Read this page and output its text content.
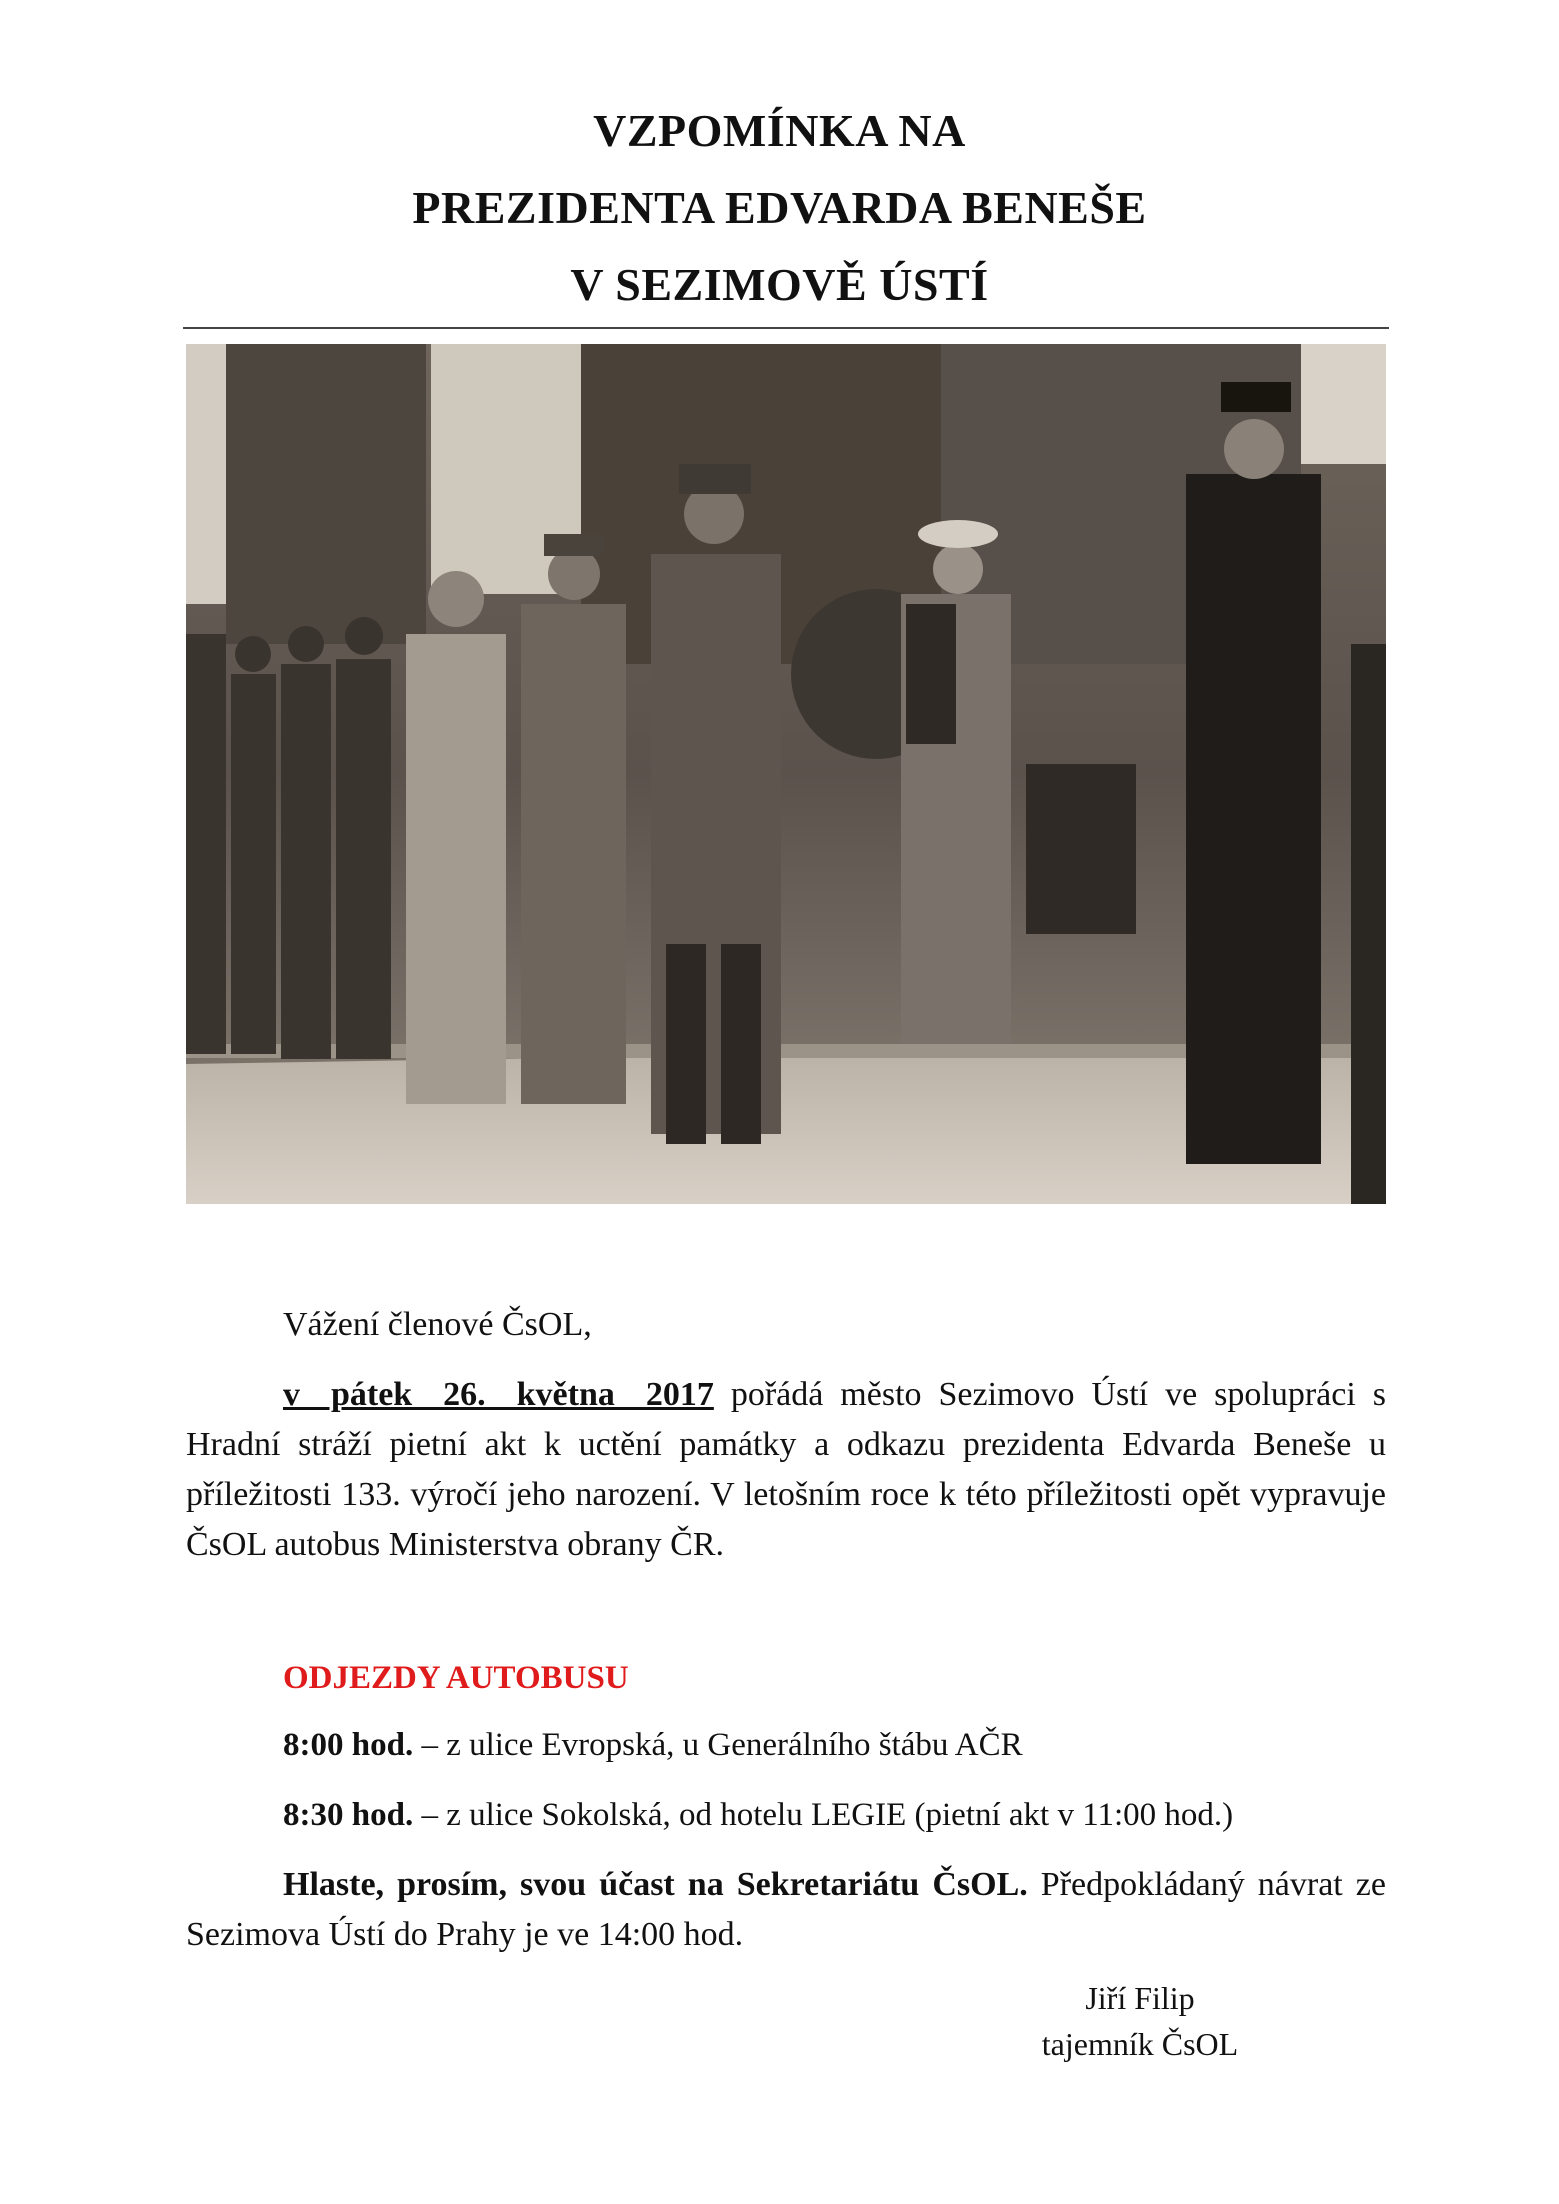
VZPOMÍNKA NA
PREZIDENTA EDVARDA BENEŠE
V SEZIMOVĚ ÚSTÍ
Vážení členové ČsOL,
v pátek 26. května 2017 pořádá město Sezimovo Ústí ve spolupráci s Hradní stráží pietní akt k uctění památky a odkazu prezidenta Edvarda Beneše u příležitosti 133. výročí jeho narození. V letošním roce k této příležitosti opět vypravuje ČsOL autobus Ministerstva obrany ČR.
ODJEZDY AUTOBUSU
8:00 hod. – z ulice Evropská, u Generálního štábu AČR
8:30 hod. – z ulice Sokolská, od hotelu LEGIE (pietní akt v 11:00 hod.)
Hlaste, prosím, svou účast na Sekretariátu ČsOL. Předpokládaný návrat ze Sezimova Ústí do Prahy je ve 14:00 hod.
Jiří Filip
tajemník ČsOL
